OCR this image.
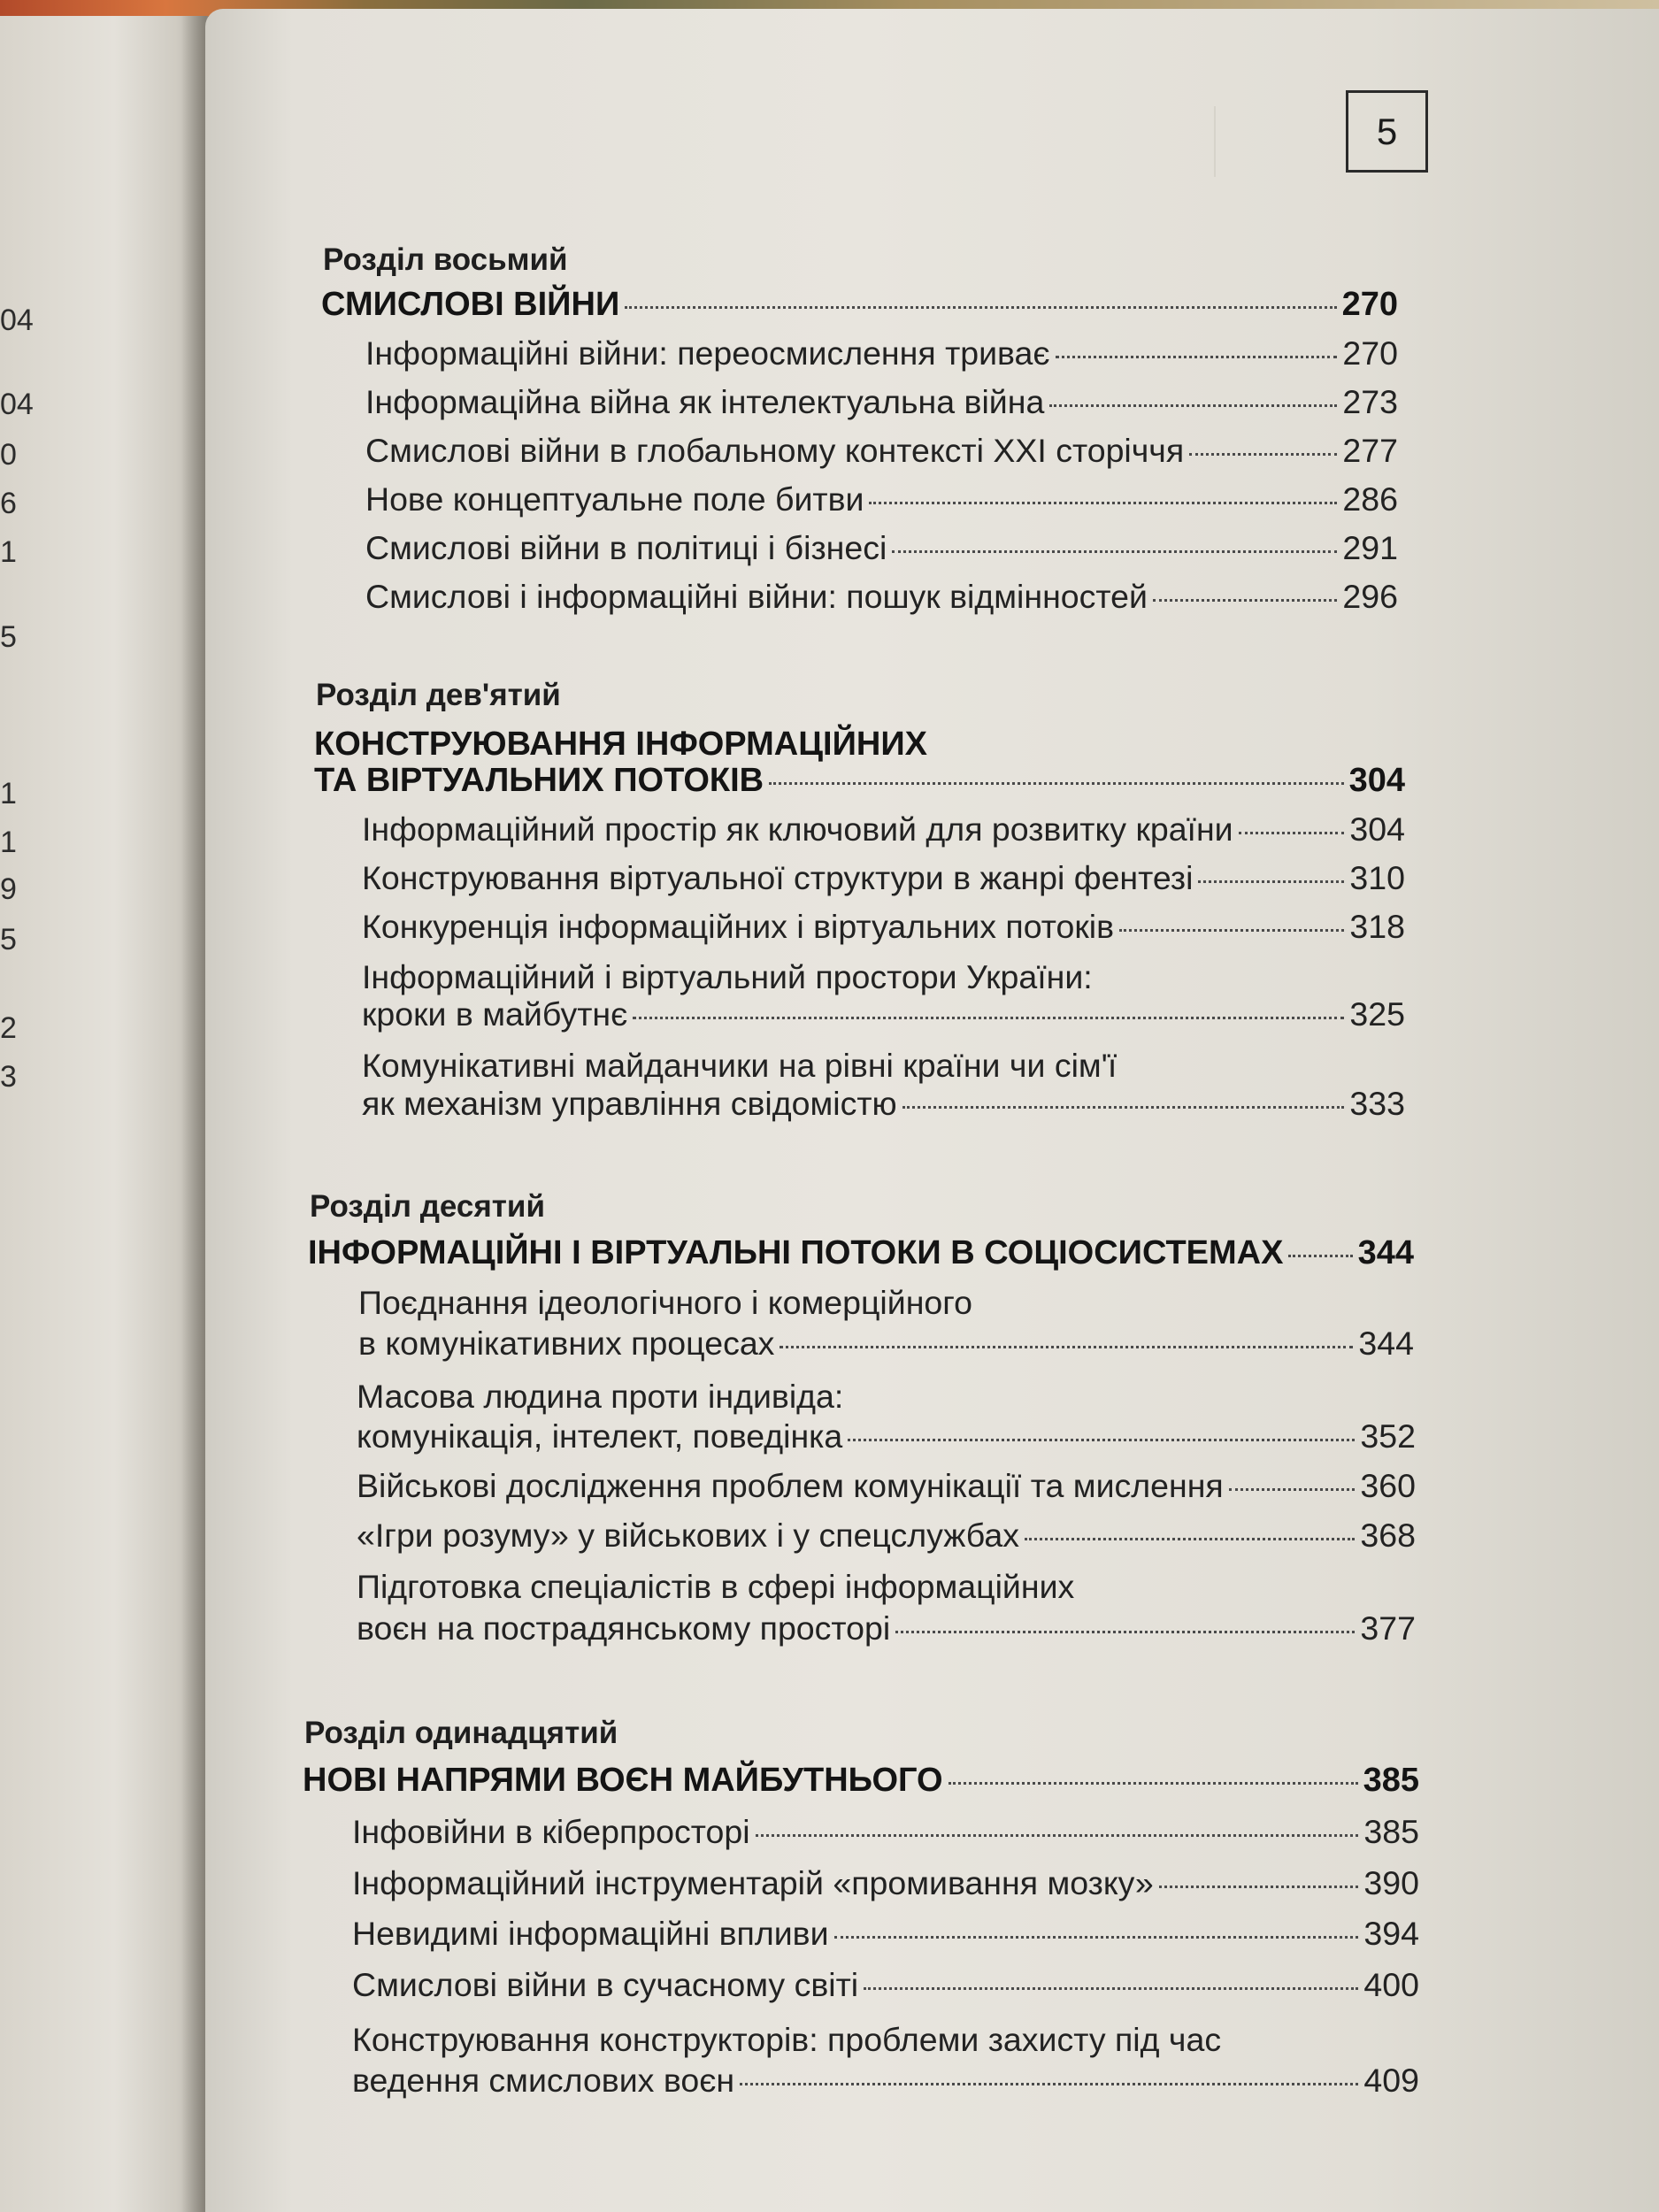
04
04
0
6
1
5
1
1
9
5
2
3
5
Розділ восьмий
СМИСЛОВІ ВІЙНИ	270
Інформаційні війни: переосмислення триває	270
Інформаційна війна як інтелектуальна війна	273
Смислові війни в глобальному контексті XXI сторіччя	277
Нове концептуальне поле битви	286
Смислові війни в політиці і бізнесі	291
Смислові і інформаційні війни: пошук відмінностей	296
Розділ дев'ятий
КОНСТРУЮВАННЯ ІНФОРМАЦІЙНИХ
ТА ВІРТУАЛЬНИХ ПОТОКІВ	304
Інформаційний простір як ключовий для розвитку країни	304
Конструювання віртуальної структури в жанрі фентезі	310
Конкуренція інформаційних і віртуальних потоків	318
Інформаційний і віртуальний простори України:
кроки в майбутнє	325
Комунікативні майданчики на рівні країни чи сім'ї
як механізм управління свідомістю	333
Розділ десятий
ІНФОРМАЦІЙНІ І ВІРТУАЛЬНІ ПОТОКИ В СОЦІОСИСТЕМАХ 344
Поєднання ідеологічного і комерційного
в комунікативних процесах	344
Масова людина проти індивіда:
комунікація, інтелект, поведінка	352
Військові дослідження проблем комунікації та мислення	360
«Ігри розуму» у військових і у спецслужбах	368
Підготовка спеціалістів в сфері інформаційних
воєн на пострадянському просторі	377
Розділ одинадцятий
НОВІ НАПРЯМИ ВОЄН МАЙБУТНЬОГО	385
Інфовійни в кіберпросторі	385
Інформаційний інструментарій «промивання мозку»	390
Невидимі інформаційні впливи	394
Смислові війни в сучасному світі	400
Конструювання конструкторів: проблеми захисту під час
ведення смислових воєн	409
